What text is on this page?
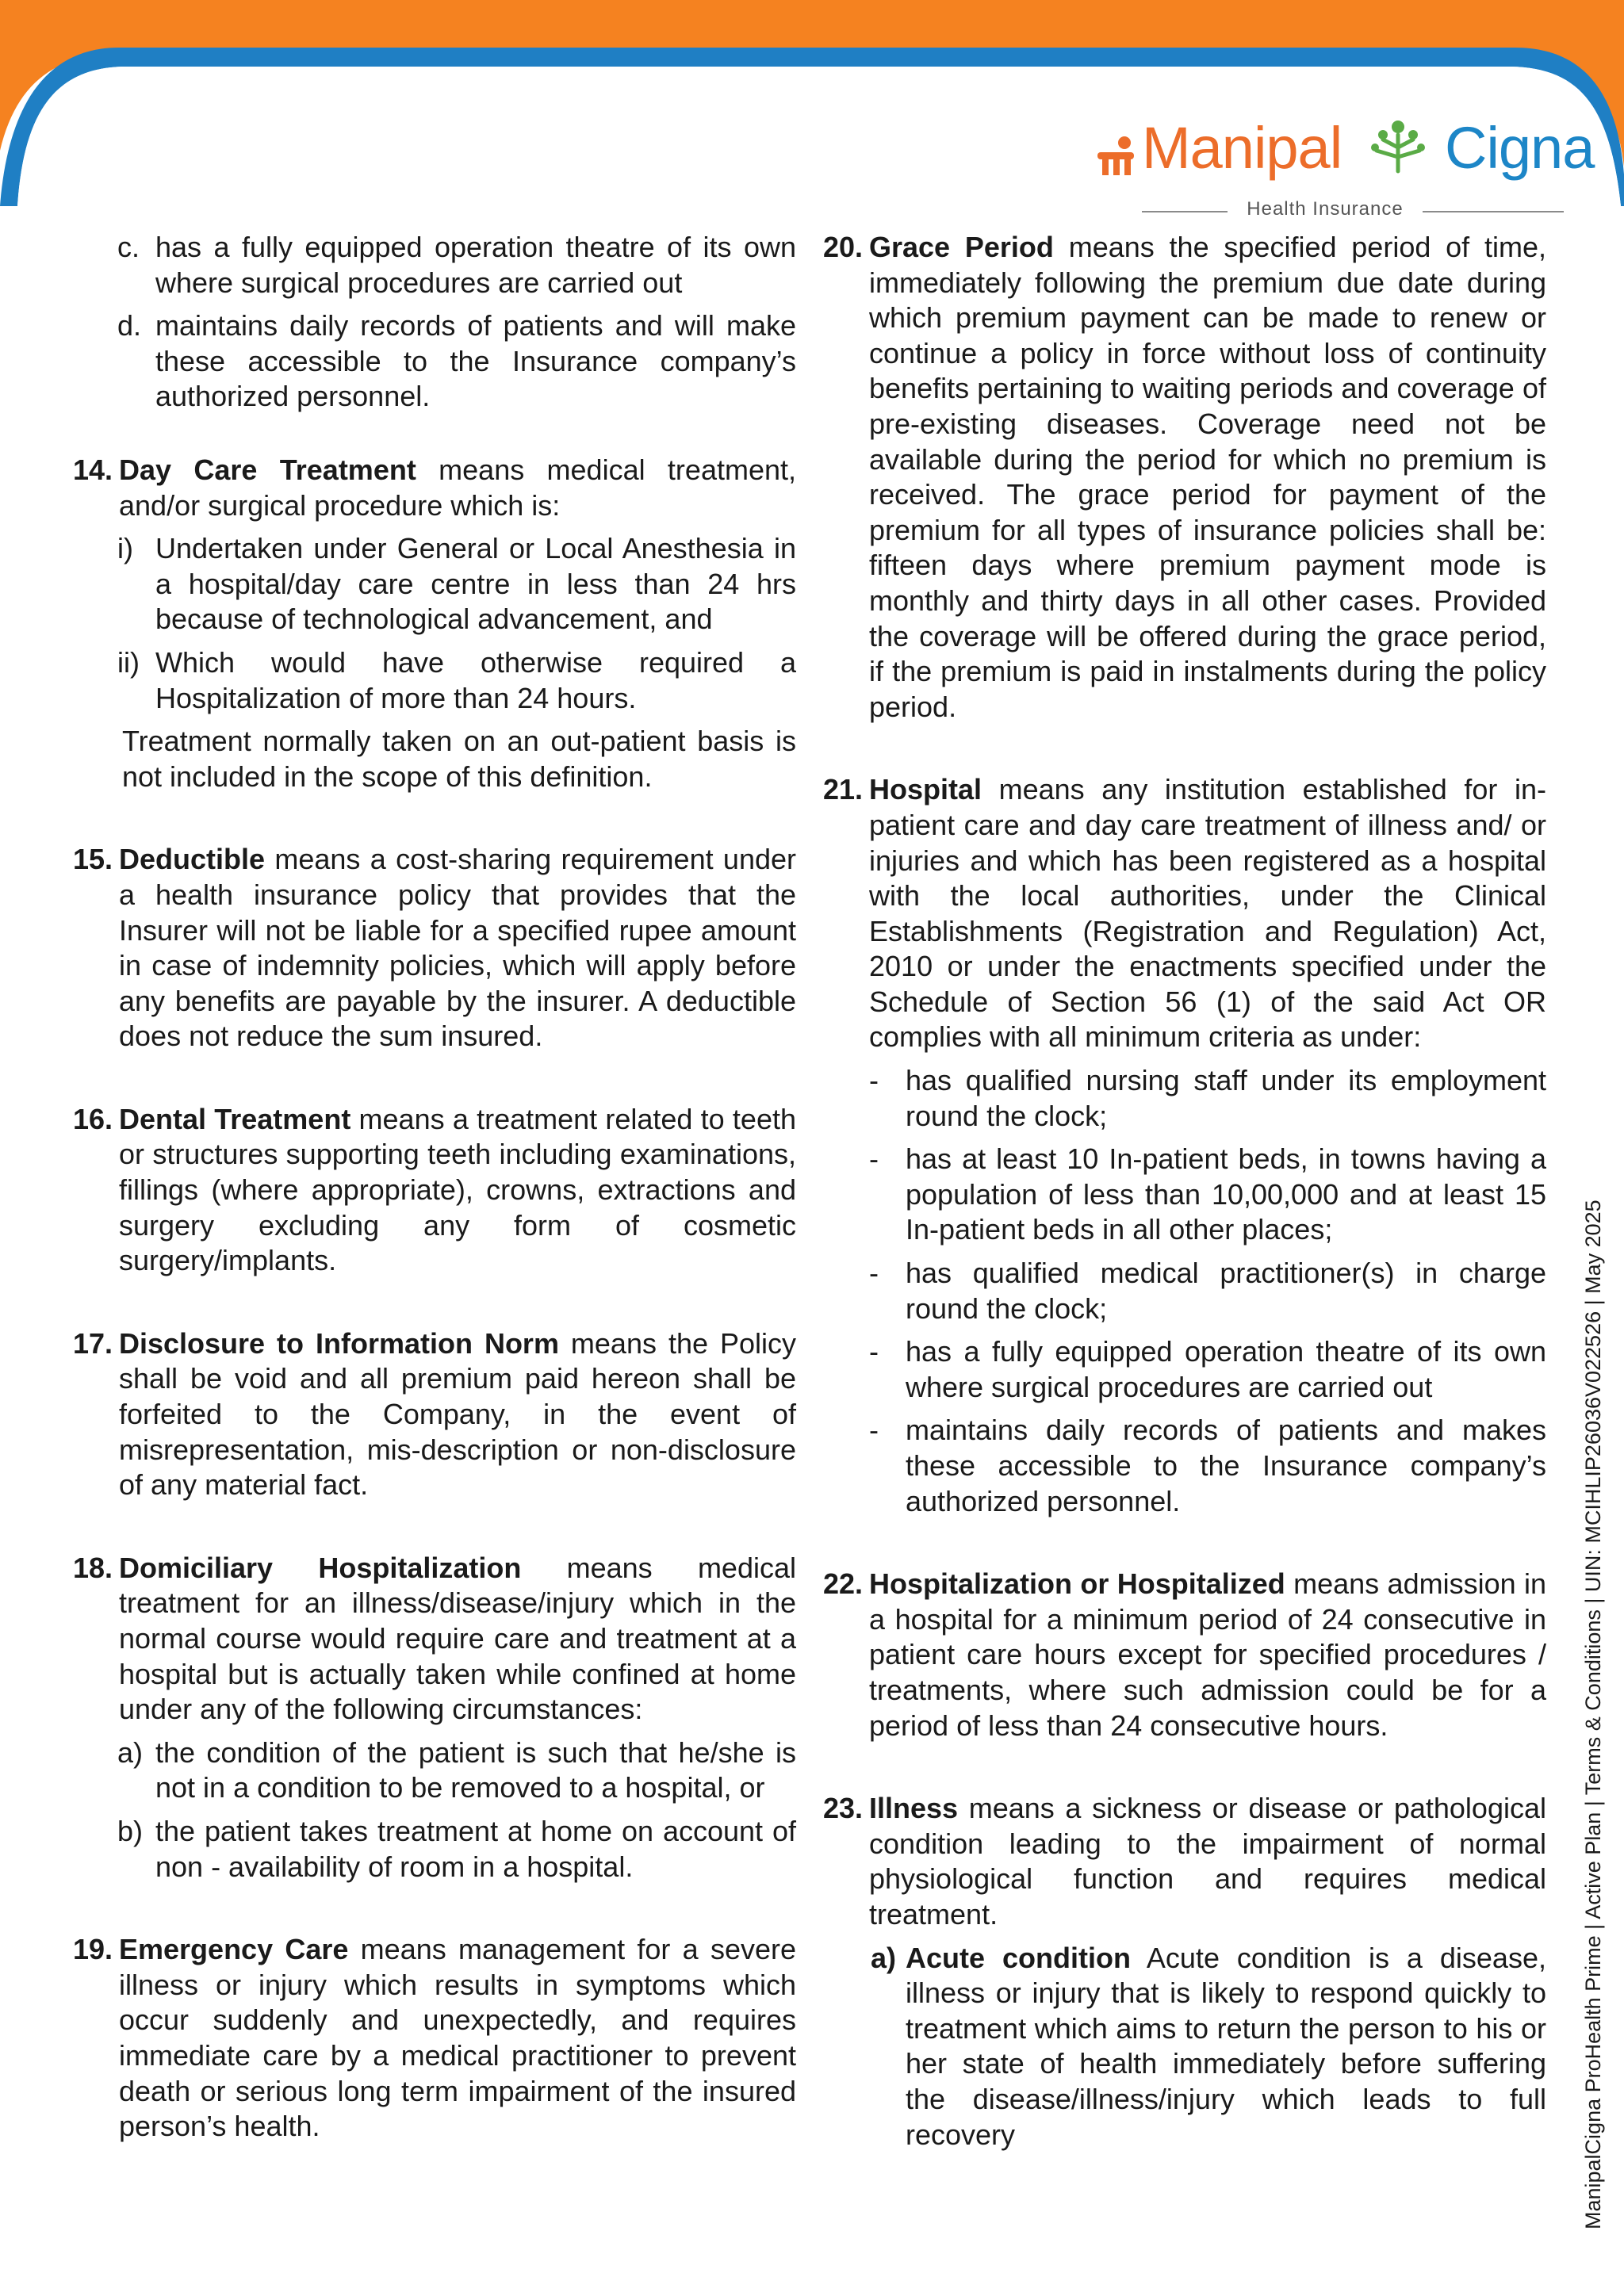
Manipal Cigna
Health Insurance
c. has a fully equipped operation theatre of its own where surgical procedures are carried out
d. maintains daily records of patients and will make these accessible to the Insurance company’s authorized personnel.
14. Day Care Treatment means medical treatment, and/or surgical procedure which is:
i) Undertaken under General or Local Anesthesia in a hospital/day care centre in less than 24 hrs because of technological advancement, and
ii) Which would have otherwise required a Hospitalization of more than 24 hours.
Treatment normally taken on an out-patient basis is not included in the scope of this definition.
15. Deductible means a cost-sharing requirement under a health insurance policy that provides that the Insurer will not be liable for a specified rupee amount in case of indemnity policies, which will apply before any benefits are payable by the insurer. A deductible does not reduce the sum insured.
16. Dental Treatment means a treatment related to teeth or structures supporting teeth including examinations, fillings (where appropriate), crowns, extractions and surgery excluding any form of cosmetic surgery/implants.
17. Disclosure to Information Norm means the Policy shall be void and all premium paid hereon shall be forfeited to the Company, in the event of misrepresentation, mis-description or non-disclosure of any material fact.
18. Domiciliary Hospitalization means medical treatment for an illness/disease/injury which in the normal course would require care and treatment at a hospital but is actually taken while confined at home under any of the following circumstances:
a) the condition of the patient is such that he/she is not in a condition to be removed to a hospital, or
b) the patient takes treatment at home on account of non - availability of room in a hospital.
19. Emergency Care means management for a severe illness or injury which results in symptoms which occur suddenly and unexpectedly, and requires immediate care by a medical practitioner to prevent death or serious long term impairment of the insured person’s health.
20. Grace Period means the specified period of time, immediately following the premium due date during which premium payment can be made to renew or continue a policy in force without loss of continuity benefits pertaining to waiting periods and coverage of pre-existing diseases. Coverage need not be available during the period for which no premium is received. The grace period for payment of the premium for all types of insurance policies shall be: fifteen days where premium payment mode is monthly and thirty days in all other cases. Provided the coverage will be offered during the grace period, if the premium is paid in instalments during the policy period.
21. Hospital means any institution established for in-patient care and day care treatment of illness and/ or injuries and which has been registered as a hospital with the local authorities, under the Clinical Establishments (Registration and Regulation) Act, 2010 or under the enactments specified under the Schedule of Section 56 (1) of the said Act OR complies with all minimum criteria as under:
- has qualified nursing staff under its employment round the clock;
- has at least 10 In-patient beds, in towns having a population of less than 10,00,000 and at least 15 In-patient beds in all other places;
- has qualified medical practitioner(s) in charge round the clock;
- has a fully equipped operation theatre of its own where surgical procedures are carried out
- maintains daily records of patients and makes these accessible to the Insurance company’s authorized personnel.
22. Hospitalization or Hospitalized means admission in a hospital for a minimum period of 24 consecutive in patient care hours except for specified procedures / treatments, where such admission could be for a period of less than 24 consecutive hours.
23. Illness means a sickness or disease or pathological condition leading to the impairment of normal physiological function and requires medical treatment.
a) Acute condition Acute condition is a disease, illness or injury that is likely to respond quickly to treatment which aims to return the person to his or her state of health immediately before suffering the disease/illness/injury which leads to full recovery	ManipalCigna ProHealth Prime | Active Plan | Terms & Conditions | UIN: MCIHLIP26036V022526 | May 2025
